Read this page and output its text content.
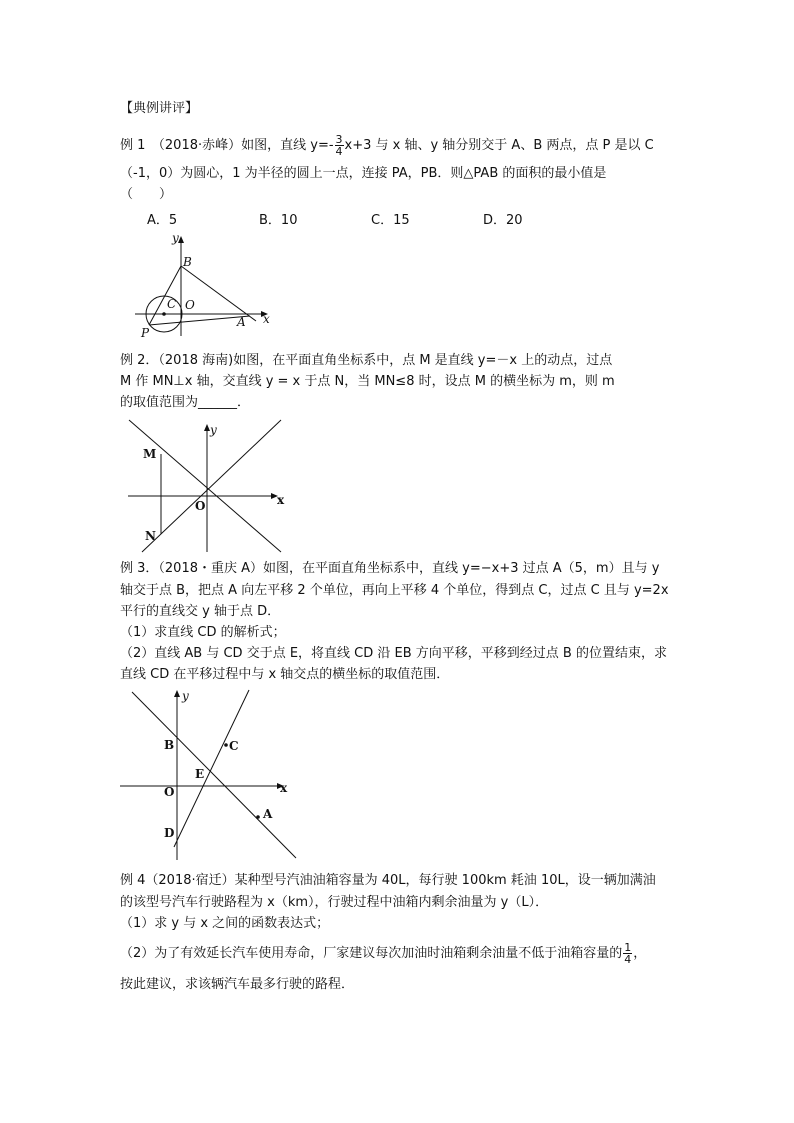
【典例讲评】
例 1　（2018·赤峰）如图，直线 $y=- \frac{3}{4} x+3$ 与 x 轴、y 轴分别交于 A、B 两点，点 P 是以 C
（-1，0）为圆心，1 为半径的圆上一点，连接 PA，PB．则△PAB 的面积的最小值是
（　　）
A．5	B．10	C．15	D．20
y
B
C O
A x
P
例 2．（2018 海南)如图，在平面直角坐标系中，点 M 是直线 y=－x 上的动点，过点
M 作 MN⊥x 轴，交直线 y = x 于点 N，当 MN≤8 时，设点 M 的横坐标为 m，则 m
的取值范围为______．
y
M
O	x
N
例 3．（2018・重庆 A）如图，在平面直角坐标系中，直线 y=−x+3 过点 A（5，m）且与 y
轴交于点 B，把点 A 向左平移 2 个单位，再向上平移 4 个单位，得到点 C，过点 C 且与 y=2x
平行的直线交 y 轴于点 D．
（1）求直线 CD 的解析式；
（2）直线 AB 与 CD 交于点 E，将直线 CD 沿 EB 方向平移，平移到经过点 B 的位置结束，求
直线 CD 在平移过程中与 x 轴交点的横坐标的取值范围．
y
B	C
E
O	x
A
D
例 4（2018·宿迁）某种型号汽油油箱容量为 40L，每行驶 100km 耗油 10L，设一辆加满油
的该型号汽车行驶路程为 x（km），行驶过程中油箱内剩余油量为 y（L）．
（1）求 y 与 x 之间的函数表达式；
（2）为了有效延长汽车使用寿命，厂家建议每次加油时油箱剩余油量不低于油箱容量的 $\frac{1}{4}$ ，
按此建议，求该辆汽车最多行驶的路程．
